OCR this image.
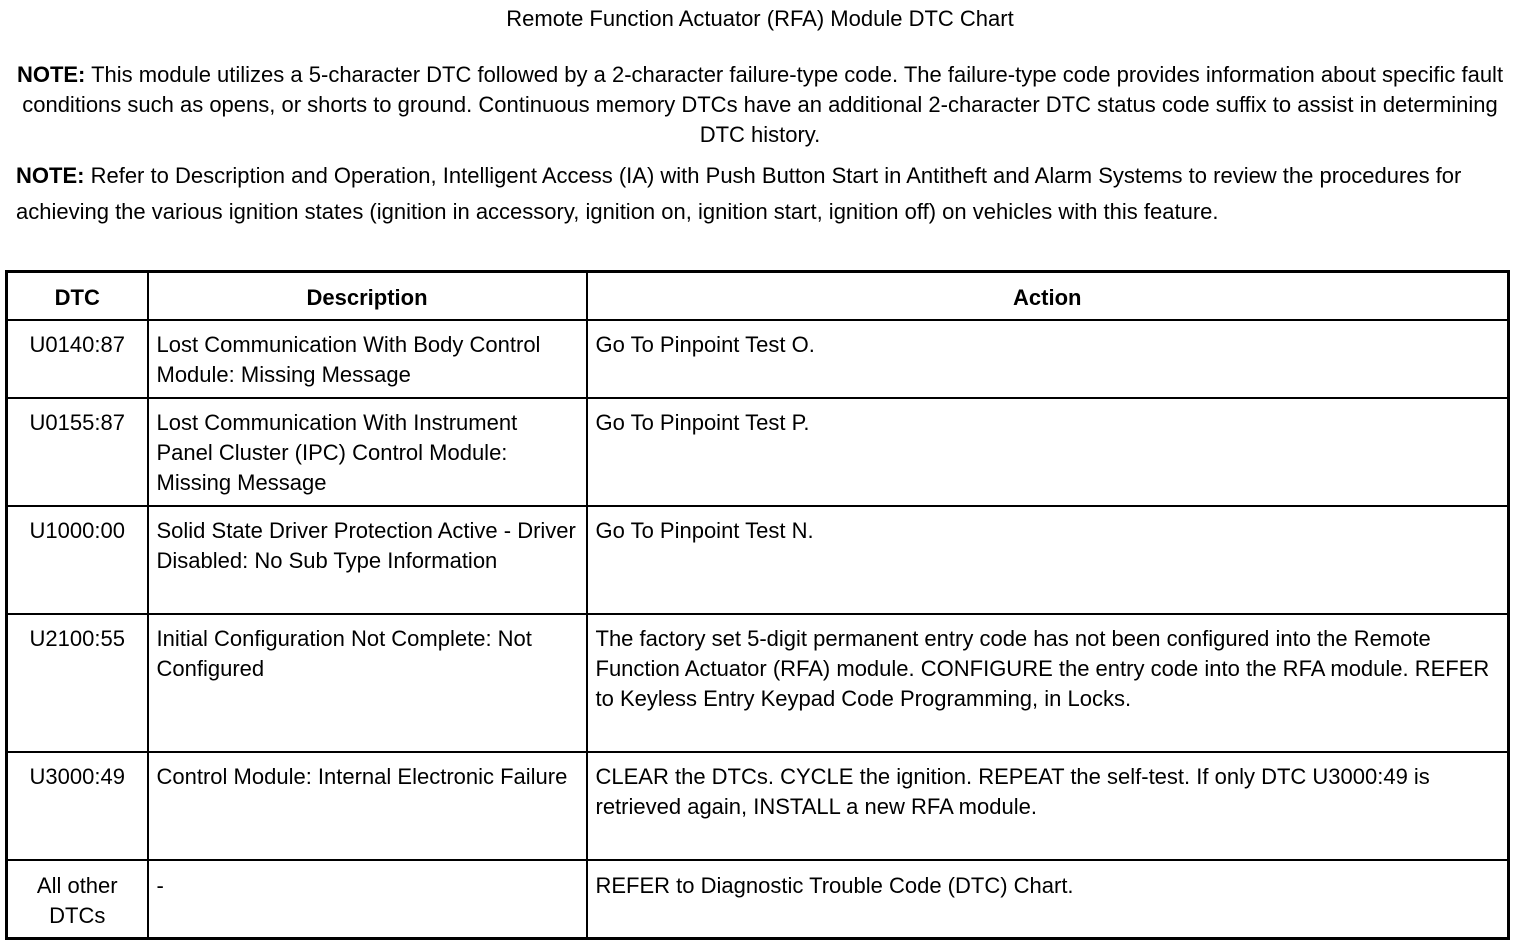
Remote Function Actuator (RFA) Module DTC Chart
NOTE: This module utilizes a 5-character DTC followed by a 2-character failure-type code. The failure-type code provides information about specific fault conditions such as opens, or shorts to ground. Continuous memory DTCs have an additional 2-character DTC status code suffix to assist in determining DTC history.
NOTE: Refer to Description and Operation, Intelligent Access (IA) with Push Button Start in Antitheft and Alarm Systems to review the procedures for achieving the various ignition states (ignition in accessory, ignition on, ignition start, ignition off) on vehicles with this feature.
DTC	Description	Action
U0140:87	Lost Communication With Body Control Module: Missing Message	Go To Pinpoint Test O.
U0155:87	Lost Communication With Instrument Panel Cluster (IPC) Control Module: Missing Message	Go To Pinpoint Test P.
U1000:00	Solid State Driver Protection Active - Driver Disabled: No Sub Type Information	Go To Pinpoint Test N.
U2100:55	Initial Configuration Not Complete: Not Configured	The factory set 5-digit permanent entry code has not been configured into the Remote Function Actuator (RFA) module. CONFIGURE the entry code into the RFA module. REFER to Keyless Entry Keypad Code Programming, in Locks.
U3000:49	Control Module: Internal Electronic Failure	CLEAR the DTCs. CYCLE the ignition. REPEAT the self-test. If only DTC U3000:49 is retrieved again, INSTALL a new RFA module.
All other DTCs	-	REFER to Diagnostic Trouble Code (DTC) Chart.
